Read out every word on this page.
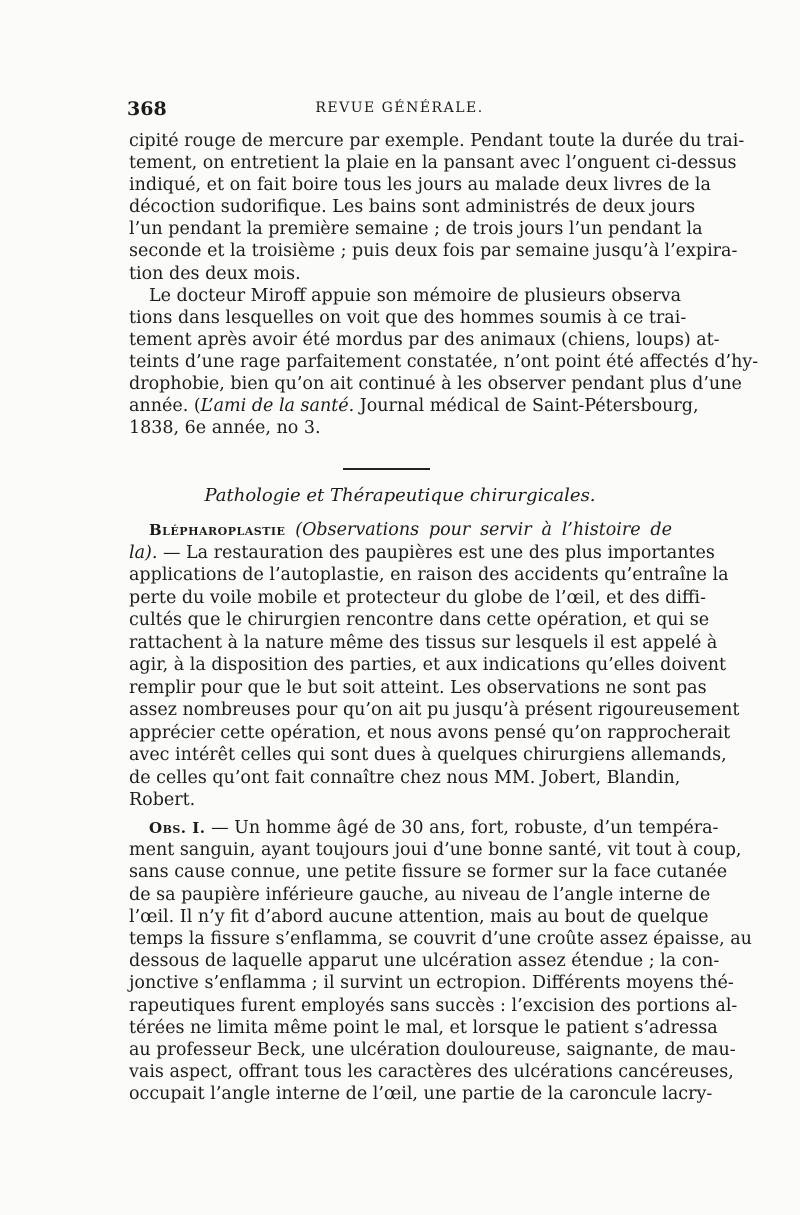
368	REVUE GÉNÉRALE.
cipité rouge de mercure par exemple. Pendant toute la durée du trai-
tement, on entretient la plaie en la pansant avec l’onguent ci-dessus
indiqué, et on fait boire tous les jours au malade deux livres de la
décoction sudorifique. Les bains sont administrés de deux jours
l’un pendant la première semaine ; de trois jours l’un pendant la
seconde et la troisième ; puis deux fois par semaine jusqu’à l’expira-
tion des deux mois.
Le docteur Miroff appuie son mémoire de plusieurs observa
tions dans lesquelles on voit que des hommes soumis à ce trai-
tement après avoir été mordus par des animaux (chiens, loups) at-
teints d’une rage parfaitement constatée, n’ont point été affectés d’hy-
drophobie, bien qu’on ait continué à les observer pendant plus d’une
année. (L’ami de la santé. Journal médical de Saint-Pétersbourg,
1838, 6e année, no 3.
Pathologie et Thérapeutique chirurgicales.
Blépharoplastie (Observations pour servir à l’histoire de
la). — La restauration des paupières est une des plus importantes
applications de l’autoplastie, en raison des accidents qu’entraîne la
perte du voile mobile et protecteur du globe de l’œil, et des diffi-
cultés que le chirurgien rencontre dans cette opération, et qui se
rattachent à la nature même des tissus sur lesquels il est appelé à
agir, à la disposition des parties, et aux indications qu’elles doivent
remplir pour que le but soit atteint. Les observations ne sont pas
assez nombreuses pour qu’on ait pu jusqu’à présent rigoureusement
apprécier cette opération, et nous avons pensé qu’on rapprocherait
avec intérêt celles qui sont dues à quelques chirurgiens allemands,
de celles qu’ont fait connaître chez nous MM. Jobert, Blandin,
Robert.
Obs. I. — Un homme âgé de 30 ans, fort, robuste, d’un tempéra-
ment sanguin, ayant toujours joui d’une bonne santé, vit tout à coup,
sans cause connue, une petite fissure se former sur la face cutanée
de sa paupière inférieure gauche, au niveau de l’angle interne de
l’œil. Il n’y fit d’abord aucune attention, mais au bout de quelque
temps la fissure s’enflamma, se couvrit d’une croûte assez épaisse, au
dessous de laquelle apparut une ulcération assez étendue ; la con-
jonctive s’enflamma ; il survint un ectropion. Différents moyens thé-
rapeutiques furent employés sans succès : l’excision des portions al-
térées ne limita même point le mal, et lorsque le patient s’adressa
au professeur Beck, une ulcération douloureuse, saignante, de mau-
vais aspect, offrant tous les caractères des ulcérations cancéreuses,
occupait l’angle interne de l’œil, une partie de la caroncule lacry-
